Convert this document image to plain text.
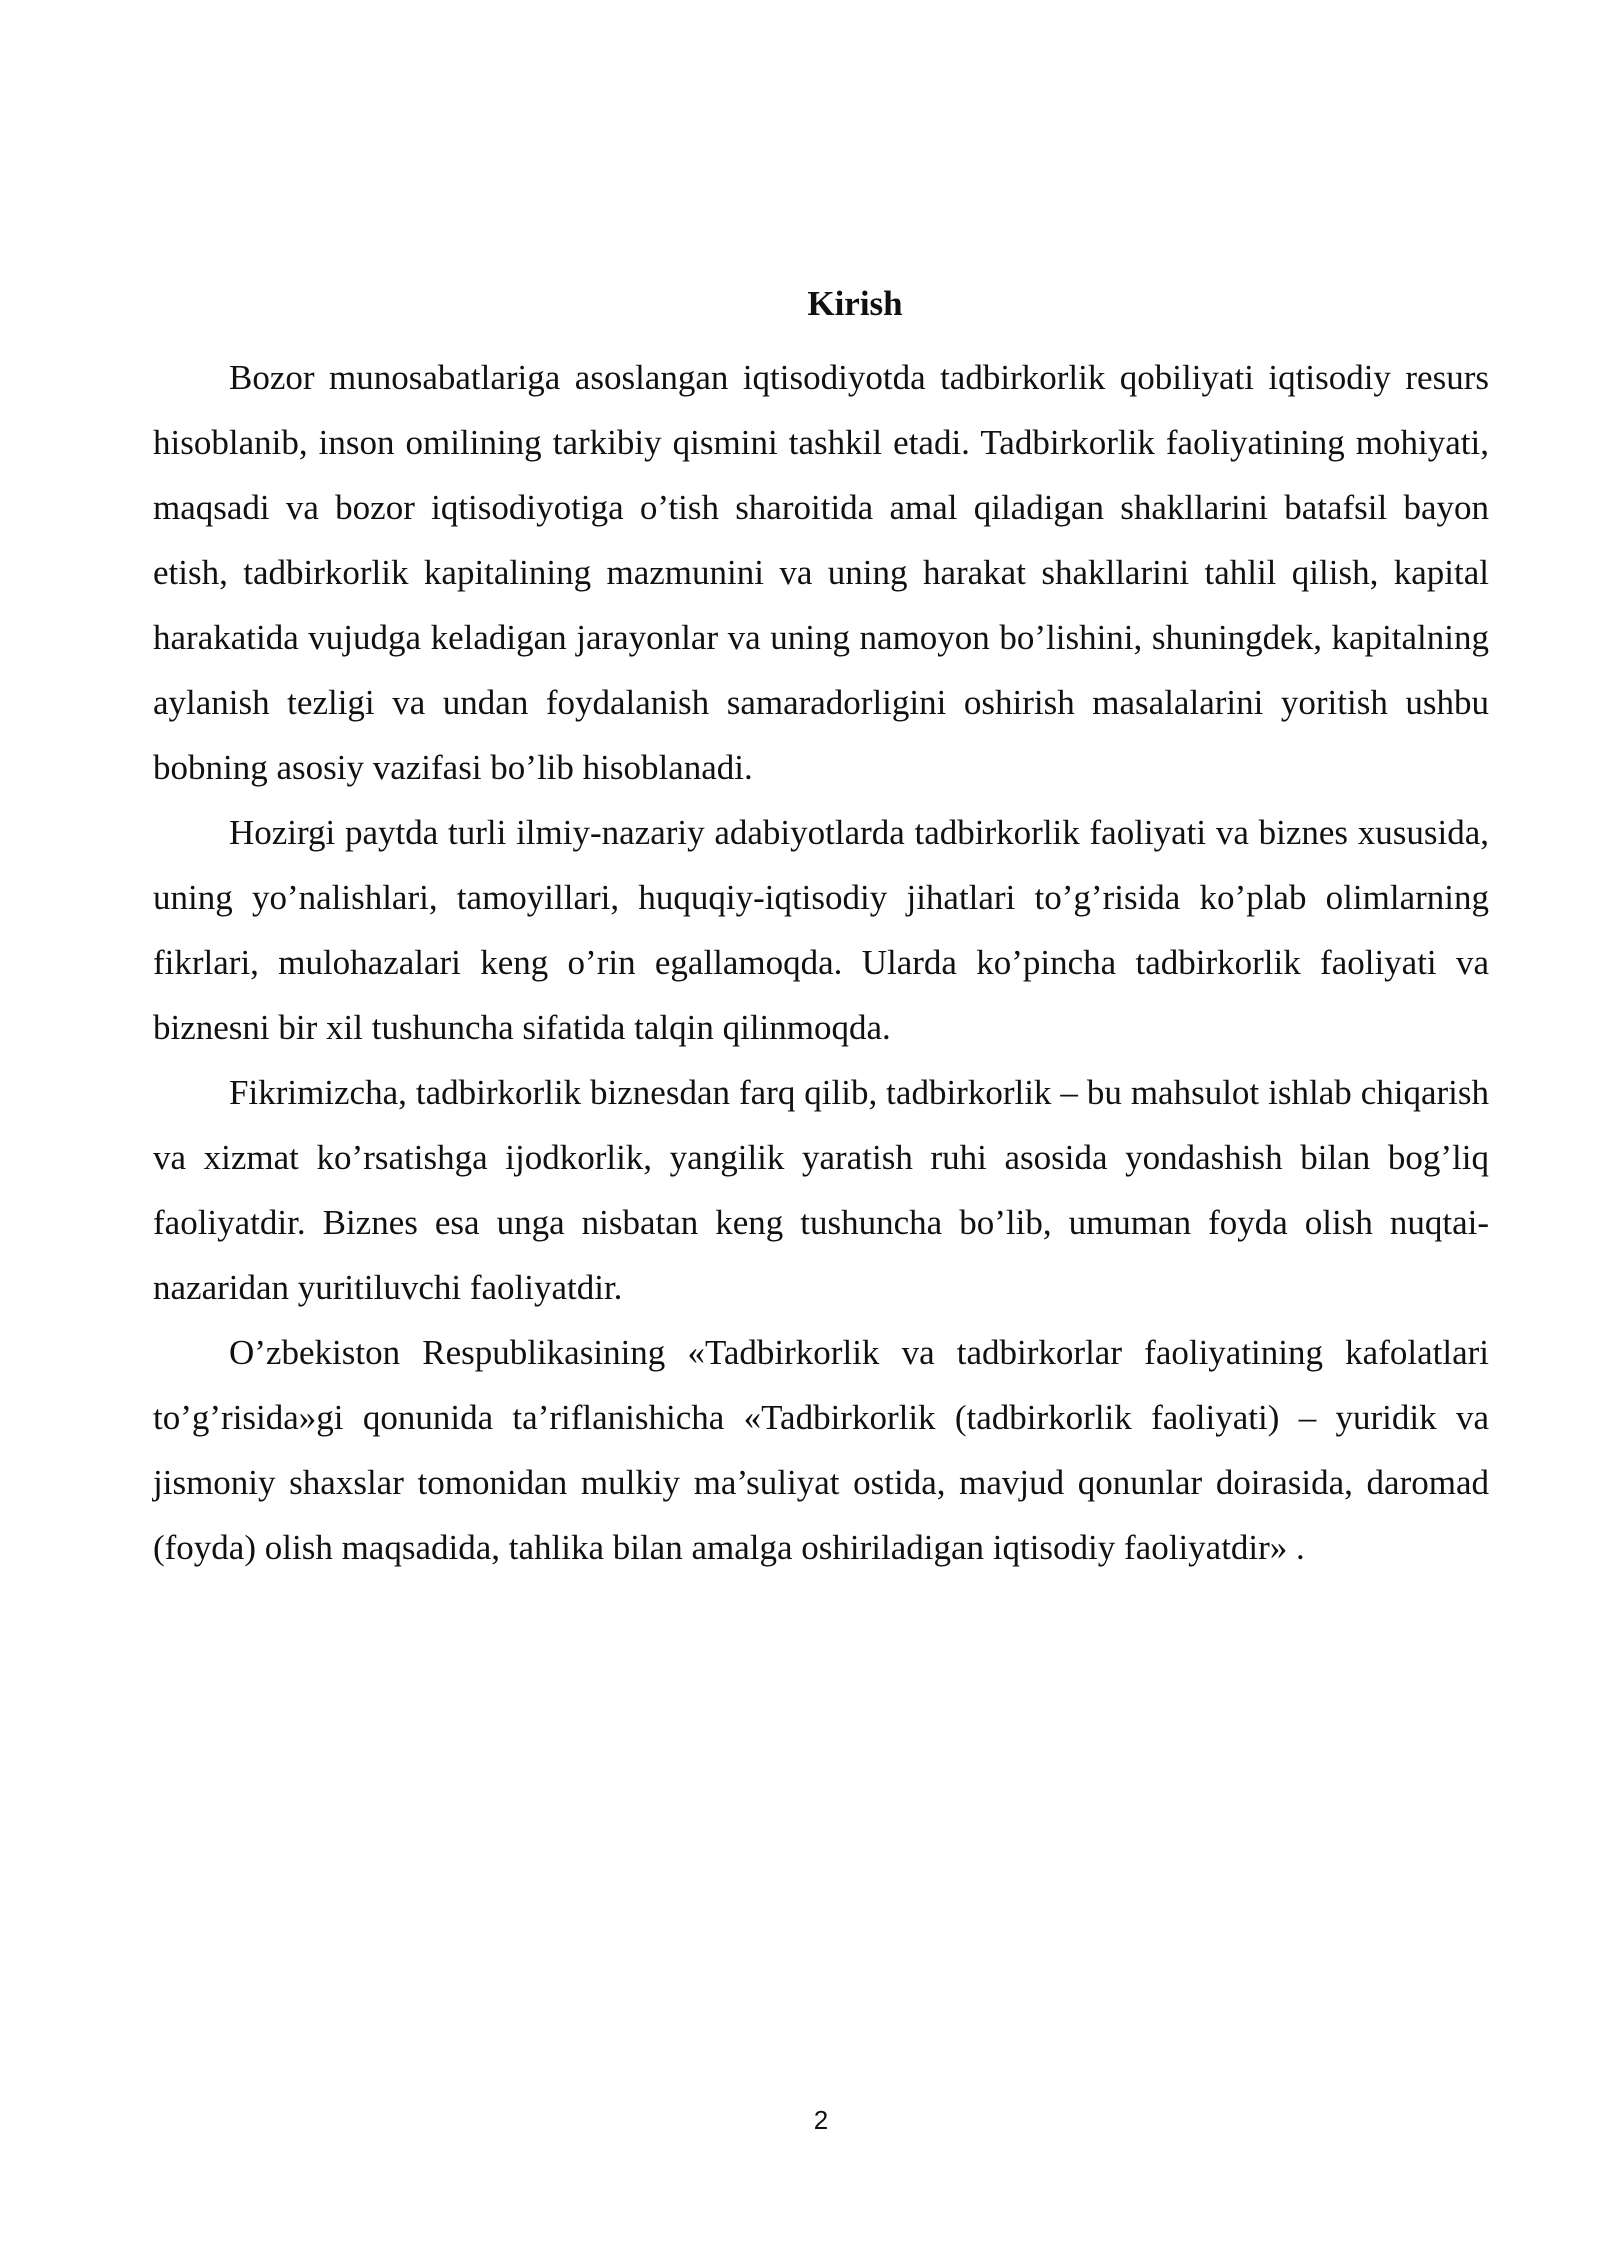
Kirish

Bozor munosabatlariga asoslangan iqtisodiyotda tadbirkorlik qobiliyati iqtisodiy resurs hisoblanib, inson omilining tarkibiy qismini tashkil etadi. Tadbirkorlik faoliyatining mohiyati, maqsadi va bozor iqtisodiyotiga o’tish sharoitida amal qiladigan shakllarini batafsil bayon etish, tadbirkorlik kapitalining mazmunini va uning harakat shakllarini tahlil qilish, kapital harakatida vujudga keladigan jarayonlar va uning namoyon bo’lishini, shuningdek, kapitalning aylanish tezligi va undan foydalanish samaradorligini oshirish masalalarini yoritish ushbu bobning asosiy vazifasi bo’lib hisoblanadi.

Hozirgi paytda turli ilmiy-nazariy adabiyotlarda tadbirkorlik faoliyati va biznes xususida, uning yo’nalishlari, tamoyillari, huquqiy-iqtisodiy jihatlari to’g’risida ko’plab olimlarning fikrlari, mulohazalari keng o’rin egallamoqda. Ularda ko’pincha tadbirkorlik faoliyati va biznesni bir xil tushuncha sifatida talqin qilinmoqda.

Fikrimizcha, tadbirkorlik biznesdan farq qilib, tadbirkorlik – bu mahsulot ishlab chiqarish va xizmat ko’rsatishga ijodkorlik, yangilik yaratish ruhi asosida yondashish bilan bog’liq faoliyatdir. Biznes esa unga nisbatan keng tushuncha bo’lib, umuman foyda olish nuqtai-nazaridan yuritiluvchi faoliyatdir.

O’zbekiston Respublikasining «Tadbirkorlik va tadbirkorlar faoliyatining kafolatlari to’g’risida»gi qonunida ta’riflanishicha «Tadbirkorlik (tadbirkorlik faoliyati) – yuridik va jismoniy shaxslar tomonidan mulkiy ma’suliyat ostida, mavjud qonunlar doirasida, daromad (foyda) olish maqsadida, tahlika bilan amalga oshiriladigan iqtisodiy faoliyatdir» .

2
